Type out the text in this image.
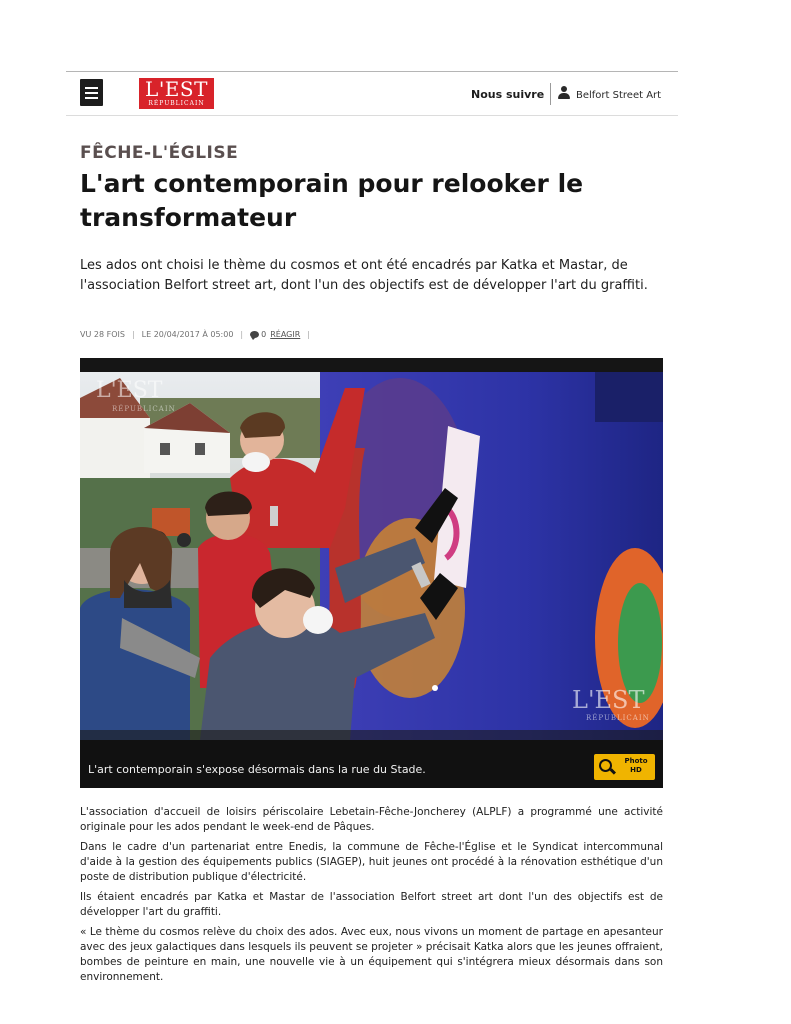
L'EST
RÉPUBLICAIN
Nous suivre	Belfort Street Art
FÊCHE-L'ÉGLISE
L'art contemporain pour relooker le transformateur

Les ados ont choisi le thème du cosmos et ont été encadrés par Katka et Mastar, de l'association Belfort street art, dont l'un des objectifs est de développer l'art du graffiti.

VU 28 FOIS | LE 20/04/2017 À 05:00 | 0 RÉAGIR |
L'EST
RÉPUBLICAIN
L'EST
RÉPUBLICAIN
L'art contemporain s'expose désormais dans la rue du Stade.
Photo HD

L'association d'accueil de loisirs périscolaire Lebetain-Fêche-Joncherey (ALPLF) a programmé une activité originale pour les ados pendant le week-end de Pâques.

Dans le cadre d'un partenariat entre Enedis, la commune de Fêche-l'Église et le Syndicat intercommunal d'aide à la gestion des équipements publics (SIAGEP), huit jeunes ont procédé à la rénovation esthétique d'un poste de distribution publique d'électricité.

Ils étaient encadrés par Katka et Mastar de l'association Belfort street art dont l'un des objectifs est de développer l'art du graffiti.

« Le thème du cosmos relève du choix des ados. Avec eux, nous vivons un moment de partage en apesanteur avec des jeux galactiques dans lesquels ils peuvent se projeter » précisait Katka alors que les jeunes offraient, bombes de peinture en main, une nouvelle vie à un équipement qui s'intégrera mieux désormais dans son environnement.
